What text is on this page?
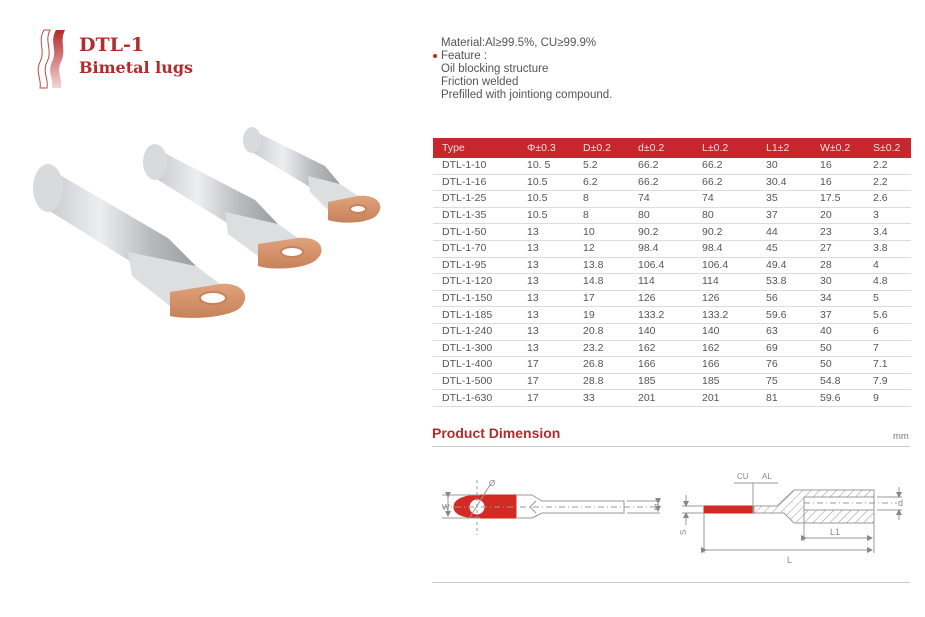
DTL-1
Bimetal lugs
Material:Al≥99.5%, CU≥99.9%
Feature :
Oil blocking structure
Friction welded
Prefilled with jointiong compound.
Type	Φ±0.3	D±0.2	d±0.2	L±0.2	L1±2	W±0.2	S±0.2
DTL-1-10	10. 5	5.2	66.2	66.2	30	16	2.2
DTL-1-16	10.5	6.2	66.2	66.2	30.4	16	2.2
DTL-1-25	10.5	8	74	74	35	17.5	2.6
DTL-1-35	10.5	8	80	80	37	20	3
DTL-1-50	13	10	90.2	90.2	44	23	3.4
DTL-1-70	13	12	98.4	98.4	45	27	3.8
DTL-1-95	13	13.8	106.4	106.4	49.4	28	4
DTL-1-120	13	14.8	114	114	53.8	30	4.8
DTL-1-150	13	17	126	126	56	34	5
DTL-1-185	13	19	133.2	133.2	59.6	37	5.6
DTL-1-240	13	20.8	140	140	63	40	6
DTL-1-300	13	23.2	162	162	69	50	7
DTL-1-400	17	26.8	166	166	76	50	7.1
DTL-1-500	17	28.8	185	185	75	54.8	7.9
DTL-1-630	17	33	201	201	81	59.6	9
Product Dimension	mm
W
Ø
D
CU AL
d
L1
L
S
